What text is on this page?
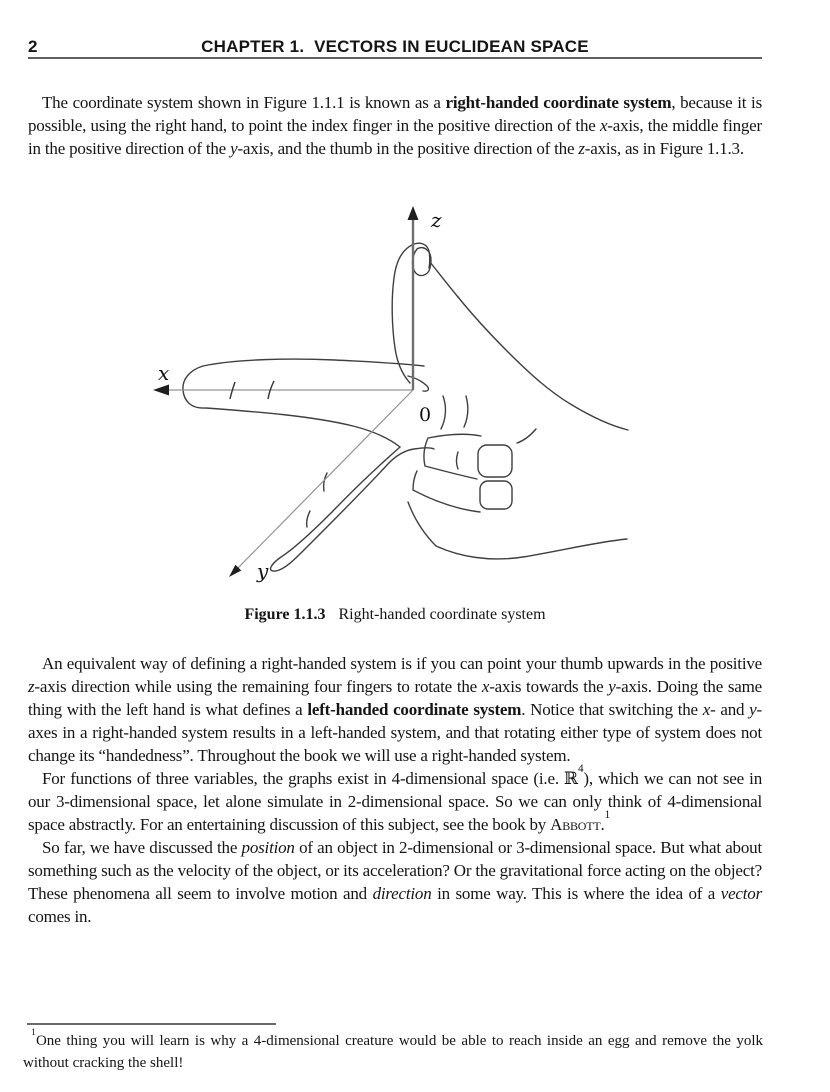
2	CHAPTER 1.  VECTORS IN EUCLIDEAN SPACE

The coordinate system shown in Figure 1.1.1 is known as a right-handed coordinate system, because it is possible, using the right hand, to point the index finger in the positive direction of the x-axis, the middle finger in the positive direction of the y-axis, and the thumb in the positive direction of the z-axis, as in Figure 1.1.3.

x
y
z
0
Figure 1.1.3 Right-handed coordinate system

An equivalent way of defining a right-handed system is if you can point your thumb upwards in the positive z-axis direction while using the remaining four fingers to rotate the x-axis towards the y-axis. Doing the same thing with the left hand is what defines a left-handed coordinate system. Notice that switching the x- and y-axes in a right-handed system results in a left-handed system, and that rotating either type of system does not change its “handedness”. Throughout the book we will use a right-handed system.

For functions of three variables, the graphs exist in 4-dimensional space (i.e. ℝ$^4$), which we can not see in our 3-dimensional space, let alone simulate in 2-dimensional space. So we can only think of 4-dimensional space abstractly. For an entertaining discussion of this subject, see the book by Abbott.$^1$

So far, we have discussed the position of an object in 2-dimensional or 3-dimensional space. But what about something such as the velocity of the object, or its acceleration? Or the gravitational force acting on the object? These phenomena all seem to involve motion and direction in some way. This is where the idea of a vector comes in.

$^1$One thing you will learn is why a 4-dimensional creature would be able to reach inside an egg and remove the yolk without cracking the shell!
